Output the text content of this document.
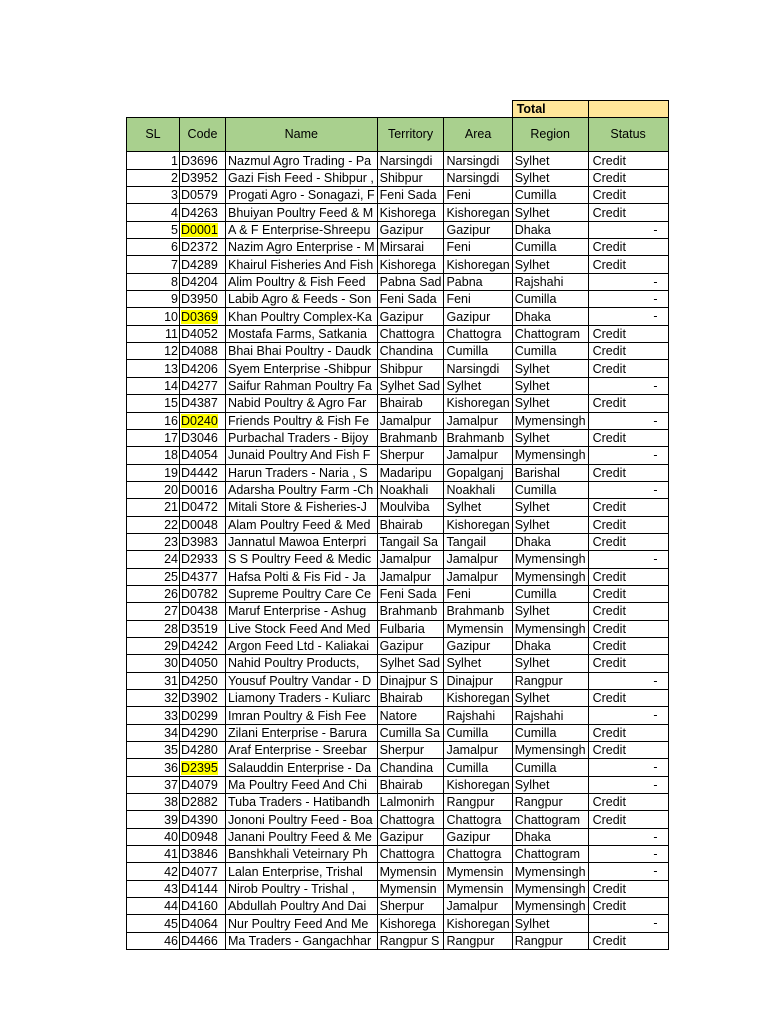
					Total	
SL	Code	Name	Territory	Area	Region	Status
1	D3696	Nazmul Agro Trading - Pa	Narsingdi	Narsingdi	Sylhet	Credit
2	D3952	Gazi Fish Feed - Shibpur ,	Shibpur	Narsingdi	Sylhet	Credit
3	D0579	Progati Agro - Sonagazi, F	Feni Sada	Feni	Cumilla	Credit
4	D4263	Bhuiyan Poultry Feed & M	Kishorega	Kishoregan	Sylhet	Credit
5	D0001	A & F Enterprise-Shreepu	Gazipur	Gazipur	Dhaka	-

6	D2372	Nazim Agro Enterprise - M	Mirsarai	Feni	Cumilla	Credit
7	D4289	Khairul Fisheries And Fish	Kishorega	Kishoregan	Sylhet	Credit
8	D4204	Alim Poultry & Fish Feed	Pabna Sad	Pabna	Rajshahi	-

9	D3950	Labib Agro & Feeds - Son	Feni Sada	Feni	Cumilla	-

10	D0369	Khan Poultry Complex-Ka	Gazipur	Gazipur	Dhaka	-

11	D4052	Mostafa Farms, Satkania	Chattogra	Chattogra	Chattogram	Credit
12	D4088	Bhai Bhai Poultry - Daudk	Chandina	Cumilla	Cumilla	Credit
13	D4206	Syem Enterprise -Shibpur	Shibpur	Narsingdi	Sylhet	Credit
14	D4277	Saifur Rahman Poultry Fa	Sylhet Sad	Sylhet	Sylhet	-

15	D4387	Nabid Poultry & Agro Far	Bhairab	Kishoregan	Sylhet	Credit
16	D0240	Friends Poultry & Fish Fe	Jamalpur	Jamalpur	Mymensingh	-

17	D3046	Purbachal Traders - Bijoy	Brahmanb	Brahmanb	Sylhet	Credit
18	D4054	Junaid Poultry And Fish F	Sherpur	Jamalpur	Mymensingh	-

19	D4442	Harun Traders - Naria , S	Madaripu	Gopalganj	Barishal	Credit
20	D0016	Adarsha Poultry Farm -Ch	Noakhali	Noakhali	Cumilla	-

21	D0472	Mitali Store & Fisheries-J	Moulviba	Sylhet	Sylhet	Credit
22	D0048	Alam Poultry Feed & Med	Bhairab	Kishoregan	Sylhet	Credit
23	D3983	Jannatul Mawoa Enterpri	Tangail Sa	Tangail	Dhaka	Credit
24	D2933	S S Poultry Feed & Medic	Jamalpur	Jamalpur	Mymensingh	-

25	D4377	Hafsa Polti & Fis Fid - Ja	Jamalpur	Jamalpur	Mymensingh	Credit
26	D0782	Supreme Poultry Care Ce	Feni Sada	Feni	Cumilla	Credit
27	D0438	Maruf Enterprise - Ashug	Brahmanb	Brahmanb	Sylhet	Credit
28	D3519	Live Stock Feed And Med	Fulbaria	Mymensin	Mymensingh	Credit
29	D4242	Argon Feed Ltd - Kaliakai	Gazipur	Gazipur	Dhaka	Credit
30	D4050	Nahid Poultry Products,	Sylhet Sad	Sylhet	Sylhet	Credit
31	D4250	Yousuf Poultry Vandar - D	Dinajpur S	Dinajpur	Rangpur	-

32	D3902	Liamony Traders - Kuliarc	Bhairab	Kishoregan	Sylhet	Credit
33	D0299	Imran Poultry & Fish Fee	Natore	Rajshahi	Rajshahi	-

34	D4290	Zilani Enterprise - Barura	Cumilla Sa	Cumilla	Cumilla	Credit
35	D4280	Araf Enterprise - Sreebar	Sherpur	Jamalpur	Mymensingh	Credit
36	D2395	Salauddin Enterprise - Da	Chandina	Cumilla	Cumilla	-

37	D4079	Ma Poultry Feed And Chi	Bhairab	Kishoregan	Sylhet	-

38	D2882	Tuba Traders - Hatibandh	Lalmonirh	Rangpur	Rangpur	Credit
39	D4390	Jononi Poultry Feed - Boa	Chattogra	Chattogra	Chattogram	Credit
40	D0948	Janani Poultry Feed & Me	Gazipur	Gazipur	Dhaka	-

41	D3846	Banshkhali Veteirnary Ph	Chattogra	Chattogra	Chattogram	-

42	D4077	Lalan Enterprise, Trishal	Mymensin	Mymensin	Mymensingh	-

43	D4144	Nirob Poultry - Trishal ,	Mymensin	Mymensin	Mymensingh	Credit
44	D4160	Abdullah Poultry And Dai	Sherpur	Jamalpur	Mymensingh	Credit
45	D4064	Nur Poultry Feed And Me	Kishorega	Kishoregan	Sylhet	-

46	D4466	Ma Traders - Gangachhar	Rangpur S	Rangpur	Rangpur	Credit
